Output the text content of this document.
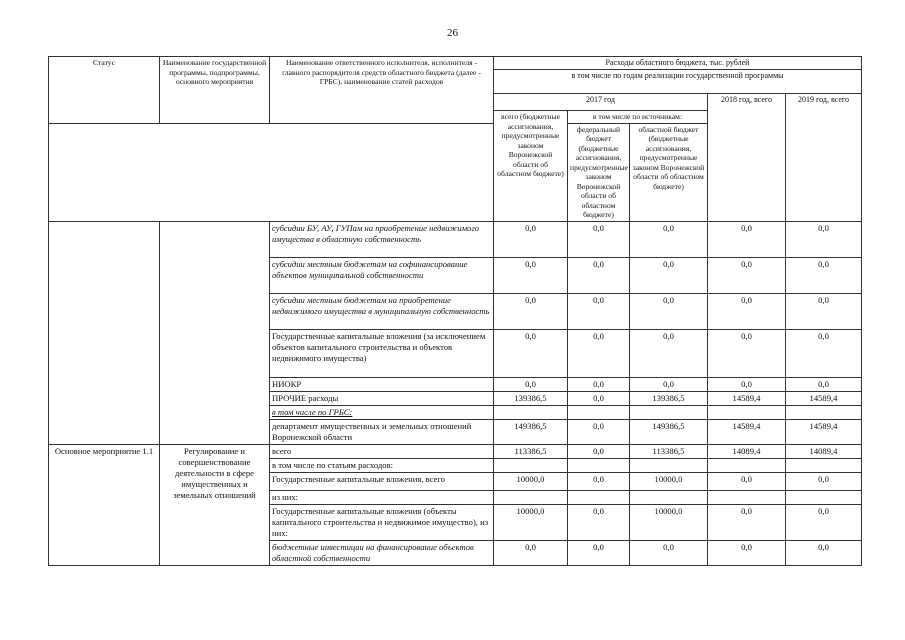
26
Статус	Наименование государственной программы, подпрограммы, основного мероприятия	Наименование ответственного исполнителя, исполнителя - главного распорядителя средств областного бюджета (далее - ГРБС), наименование статей расходов	Расходы областного бюджета, тыс. рублей				
			в том числе по годам реализации государственной программы				
			2017 год			2018 год, всего	2019 год, всего
			всего (бюджетные ассигнования, предусмотренные законом Воронежской области об областном бюджете)	в том числе по источникам:			
				федеральный бюджет (бюджетные ассигнования, предусмотренные законом Воронежской области об областном бюджете)	областной бюджет (бюджетные ассигнования, предусмотренные законом Воронежской области об областном бюджете)		
		субсидии БУ, АУ, ГУПам на приобретение недвижимого имущества в областную собственность	0,0	0,0	0,0	0,0	0,0
		субсидии местным бюджетам на софинансирование объектов муниципальной собственности	0,0	0,0	0,0	0,0	0,0
		субсидии местным бюджетам на приобретение недвижимого имущества в муниципальную собственность	0,0	0,0	0,0	0,0	0,0
		Государственные капитальные вложения (за исключением объектов капитального строительства и объектов недвижимого имущества)	0,0	0,0	0,0	0,0	0,0
		НИОКР	0,0	0,0	0,0	0,0	0,0
		ПРОЧИЕ расходы	139386,5	0,0	139386,5	14589,4	14589,4
		в том числе по ГРБС:					
		департамент имущественных и земельных отношений Воронежской области	149386,5	0,0	149386,5	14589,4	14589,4
Основное мероприятие 1.1	Регулирование и совершенствование деятельности в сфере имущественных и земельных отношений	всего	113386,5	0,0	113386,5	14089,4	14089,4
		в том числе по статьям расходов:					
		Государственные капитальные вложения, всего	10000,0	0,0	10000,0	0,0	0,0
		из них:					
		Государственные капитальные вложения (объекты капитального строительства и недвижимое имущество), из них:	10000,0	0,0	10000,0	0,0	0,0
		бюджетные инвестиции на финансирование объектов областной собственности	0,0	0,0	0,0	0,0	0,0
